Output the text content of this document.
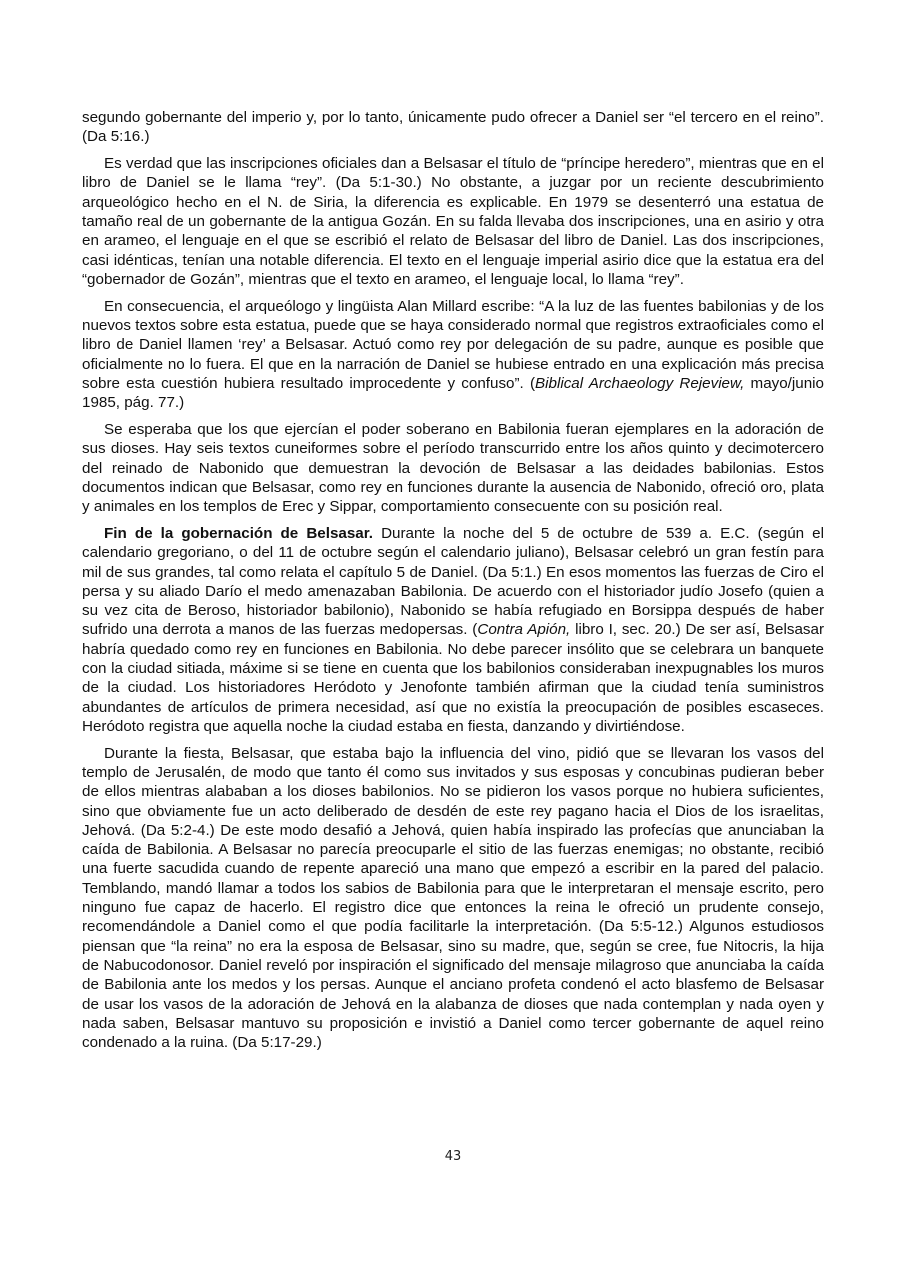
segundo gobernante del imperio y, por lo tanto, únicamente pudo ofrecer a Daniel ser “el tercero en el reino”. (Da 5:16.)

Es verdad que las inscripciones oficiales dan a Belsasar el título de “príncipe heredero”, mientras que en el libro de Daniel se le llama “rey”. (Da 5:1-30.) No obstante, a juzgar por un reciente descubrimiento arqueológico hecho en el N. de Siria, la diferencia es explicable. En 1979 se desenterró una estatua de tamaño real de un gobernante de la antigua Gozán. En su falda llevaba dos inscripciones, una en asirio y otra en arameo, el lenguaje en el que se escribió el relato de Belsasar del libro de Daniel. Las dos inscripciones, casi idénticas, tenían una notable diferencia. El texto en el lenguaje imperial asirio dice que la estatua era del “gobernador de Gozán”, mientras que el texto en arameo, el lenguaje local, lo llama “rey”.

En consecuencia, el arqueólogo y lingüista Alan Millard escribe: “A la luz de las fuentes babilonias y de los nuevos textos sobre esta estatua, puede que se haya considerado normal que registros extraoficiales como el libro de Daniel llamen ‘rey’ a Belsasar. Actuó como rey por delegación de su padre, aunque es posible que oficialmente no lo fuera. El que en la narración de Daniel se hubiese entrado en una explicación más precisa sobre esta cuestión hubiera resultado improcedente y confuso”. (Biblical Archaeology Rejeview, mayo/junio 1985, pág. 77.)

Se esperaba que los que ejercían el poder soberano en Babilonia fueran ejemplares en la adoración de sus dioses. Hay seis textos cuneiformes sobre el período transcurrido entre los años quinto y decimotercero del reinado de Nabonido que demuestran la devoción de Belsasar a las deidades babilonias. Estos documentos indican que Belsasar, como rey en funciones durante la ausencia de Nabonido, ofreció oro, plata y animales en los templos de Erec y Sippar, comportamiento consecuente con su posición real.

Fin de la gobernación de Belsasar. Durante la noche del 5 de octubre de 539 a. E.C. (según el calendario gregoriano, o del 11 de octubre según el calendario juliano), Belsasar celebró un gran festín para mil de sus grandes, tal como relata el capítulo 5 de Daniel. (Da 5:1.) En esos momentos las fuerzas de Ciro el persa y su aliado Darío el medo amenazaban Babilonia. De acuerdo con el historiador judío Josefo (quien a su vez cita de Beroso, historiador babilonio), Nabonido se había refugiado en Borsippa después de haber sufrido una derrota a manos de las fuerzas medopersas. (Contra Apión, libro I, sec. 20.) De ser así, Belsasar habría quedado como rey en funciones en Babilonia. No debe parecer insólito que se celebrara un banquete con la ciudad sitiada, máxime si se tiene en cuenta que los babilonios consideraban inexpugnables los muros de la ciudad. Los historiadores Heródoto y Jenofonte también afirman que la ciudad tenía suministros abundantes de artículos de primera necesidad, así que no existía la preocupación de posibles escaseces. Heródoto registra que aquella noche la ciudad estaba en fiesta, danzando y divirtiéndose.

Durante la fiesta, Belsasar, que estaba bajo la influencia del vino, pidió que se llevaran los vasos del templo de Jerusalén, de modo que tanto él como sus invitados y sus esposas y concubinas pudieran beber de ellos mientras alababan a los dioses babilonios. No se pidieron los vasos porque no hubiera suficientes, sino que obviamente fue un acto deliberado de desdén de este rey pagano hacia el Dios de los israelitas, Jehová. (Da 5:2-4.) De este modo desafió a Jehová, quien había inspirado las profecías que anunciaban la caída de Babilonia. A Belsasar no parecía preocuparle el sitio de las fuerzas enemigas; no obstante, recibió una fuerte sacudida cuando de repente apareció una mano que empezó a escribir en la pared del palacio. Temblando, mandó llamar a todos los sabios de Babilonia para que le interpretaran el mensaje escrito, pero ninguno fue capaz de hacerlo. El registro dice que entonces la reina le ofreció un prudente consejo, recomendándole a Daniel como el que podía facilitarle la interpretación. (Da 5:5-12.) Algunos estudiosos piensan que “la reina” no era la esposa de Belsasar, sino su madre, que, según se cree, fue Nitocris, la hija de Nabucodonosor. Daniel reveló por inspiración el significado del mensaje milagroso que anunciaba la caída de Babilonia ante los medos y los persas. Aunque el anciano profeta condenó el acto blasfemo de Belsasar de usar los vasos de la adoración de Jehová en la alabanza de dioses que nada contemplan y nada oyen y nada saben, Belsasar mantuvo su proposición e invistió a Daniel como tercer gobernante de aquel reino condenado a la ruina. (Da 5:17-29.)

43
